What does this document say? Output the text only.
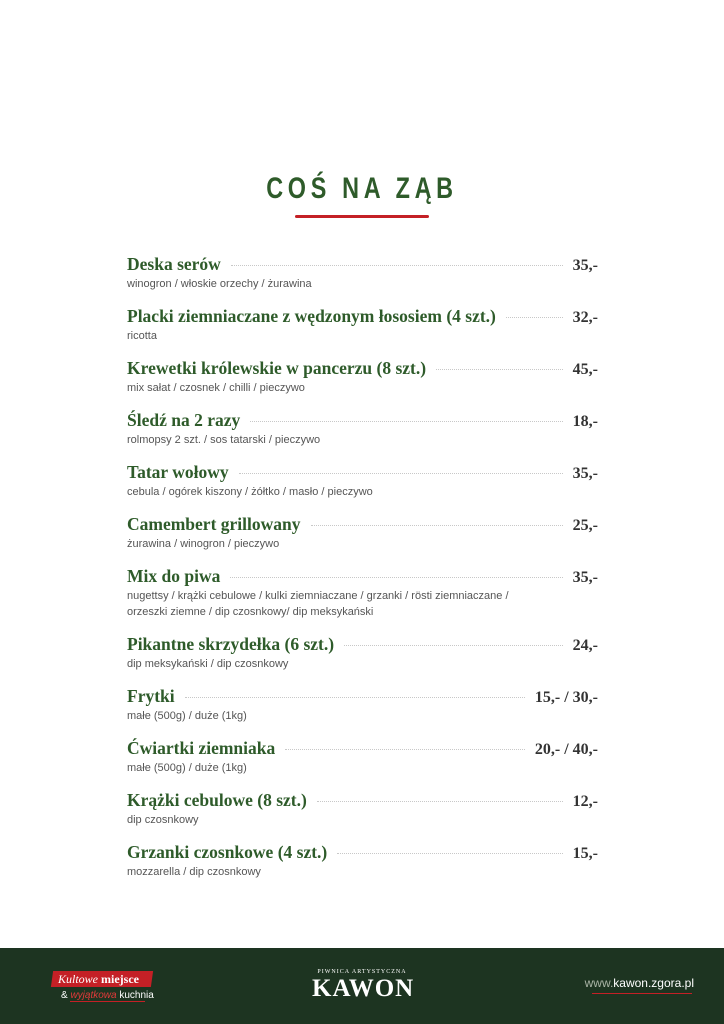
COŚ NA ZĄB
Deska serów	35,-
winogron / włoskie orzechy / żurawina
Placki ziemniaczane z wędzonym łososiem (4 szt.)	32,-
ricotta
Krewetki królewskie w pancerzu (8 szt.)	45,-
mix sałat / czosnek / chilli / pieczywo
Śledź na 2 razy	18,-
rolmopsy 2 szt. / sos tatarski / pieczywo
Tatar wołowy	35,-
cebula / ogórek kiszony / żółtko / masło / pieczywo
Camembert grillowany	25,-
żurawina / winogron / pieczywo
Mix do piwa	35,-
nugettsy / krążki cebulowe / kulki ziemniaczane / grzanki / rösti ziemniaczane / orzeszki ziemne / dip czosnkowy/ dip meksykański
Pikantne skrzydełka (6 szt.)	24,-
dip meksykański / dip czosnkowy
Frytki	15,- / 30,-
małe (500g) / duże (1kg)
Ćwiartki ziemniaka	20,- / 40,-
małe (500g) / duże (1kg)
Krążki cebulowe (8 szt.)	12,-
dip czosnkowy
Grzanki czosnkowe (4 szt.)	15,-
mozzarella / dip czosnkowy
Kultowe miejsce
& wyjątkowa kuchnia
PIWNICA ARTYSTYCZNA
KAWON	www.kawon.zgora.pl
